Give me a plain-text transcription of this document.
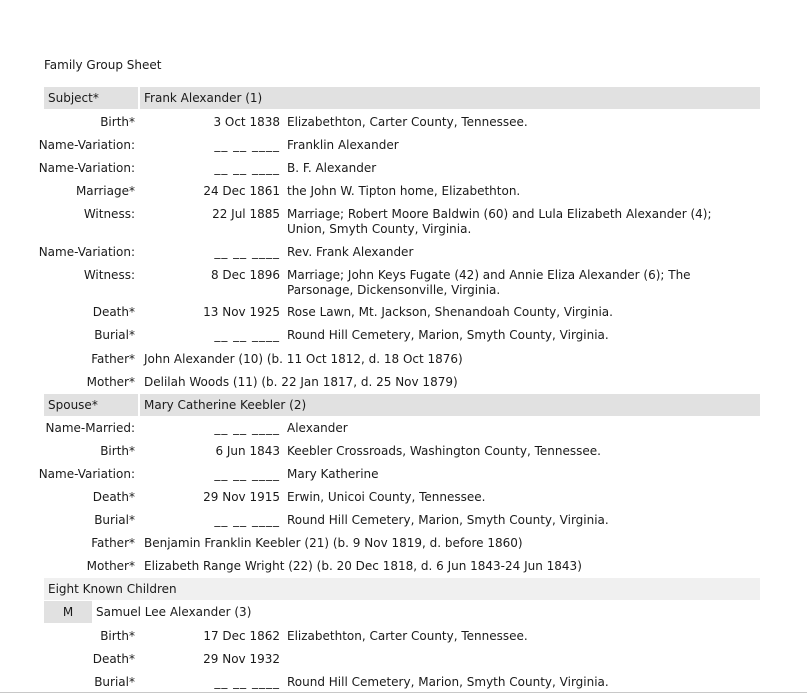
Family Group Sheet
Subject*	Frank Alexander (1)
Birth*	3 Oct 1838 Elizabethton, Carter County, Tennessee.
Name-Variation:	__ __ ____ Franklin Alexander
Name-Variation:	__ __ ____ B. F. Alexander
Marriage*	24 Dec 1861 the John W. Tipton home, Elizabethton.
Witness:	22 Jul 1885 Marriage; Robert Moore Baldwin (60) and Lula Elizabeth Alexander (4); Union, Smyth County, Virginia.
Name-Variation:	__ __ ____ Rev. Frank Alexander
Witness:	8 Dec 1896 Marriage; John Keys Fugate (42) and Annie Eliza Alexander (6); The Parsonage, Dickensonville, Virginia.
Death*	13 Nov 1925 Rose Lawn, Mt. Jackson, Shenandoah County, Virginia.
Burial*	__ __ ____ Round Hill Cemetery, Marion, Smyth County, Virginia.
Father* John Alexander (10) (b. 11 Oct 1812, d. 18 Oct 1876)
Mother* Delilah Woods (11) (b. 22 Jan 1817, d. 25 Nov 1879)
Spouse*	Mary Catherine Keebler (2)
Name-Married:	__ __ ____ Alexander
Birth*	6 Jun 1843 Keebler Crossroads, Washington County, Tennessee.
Name-Variation:	__ __ ____ Mary Katherine
Death*	29 Nov 1915 Erwin, Unicoi County, Tennessee.
Burial*	__ __ ____ Round Hill Cemetery, Marion, Smyth County, Virginia.
Father* Benjamin Franklin Keebler (21) (b. 9 Nov 1819, d. before 1860)
Mother* Elizabeth Range Wright (22) (b. 20 Dec 1818, d. 6 Jun 1843-24 Jun 1843)
Eight Known Children
M	Samuel Lee Alexander (3)
Birth*	17 Dec 1862 Elizabethton, Carter County, Tennessee.
Death*	29 Nov 1932
Burial*	__ __ ____ Round Hill Cemetery, Marion, Smyth County, Virginia.
